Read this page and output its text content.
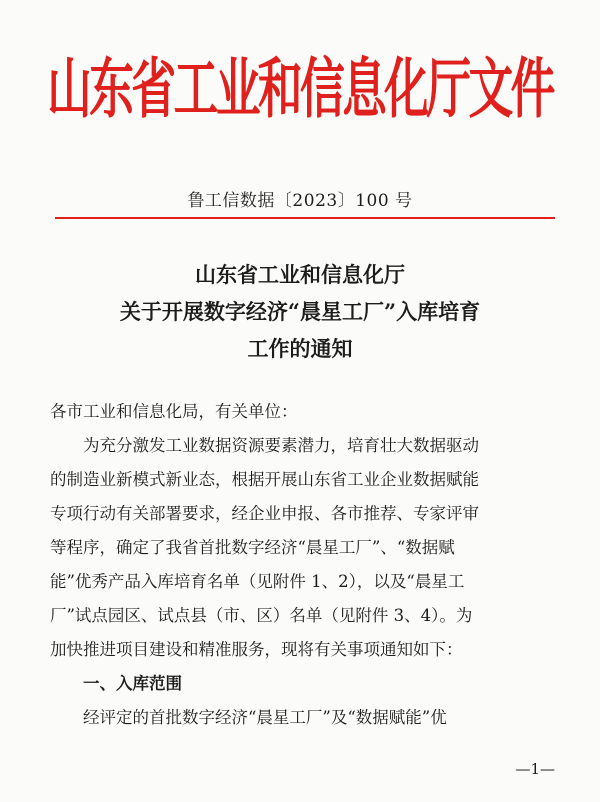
山东省工业和信息化厅文件
鲁工信数据〔2023〕100 号
山东省工业和信息化厅
关于开展数字经济“晨星工厂”入库培育
工作的通知

各市工业和信息化局，有关单位：

为充分激发工业数据资源要素潜力，培育壮大数据驱动

的制造业新模式新业态，根据开展山东省工业企业数据赋能

专项行动有关部署要求，经企业申报、各市推荐、专家评审

等程序，确定了我省首批数字经济“晨星工厂”、“数据赋

能”优秀产品入库培育名单（见附件 1、2），以及“晨星工

厂”试点园区、试点县（市、区）名单（见附件 3、4）。为

加快推进项目建设和精准服务，现将有关事项通知如下：

一、入库范围

经评定的首批数字经济“晨星工厂”及“数据赋能”优

—1—
